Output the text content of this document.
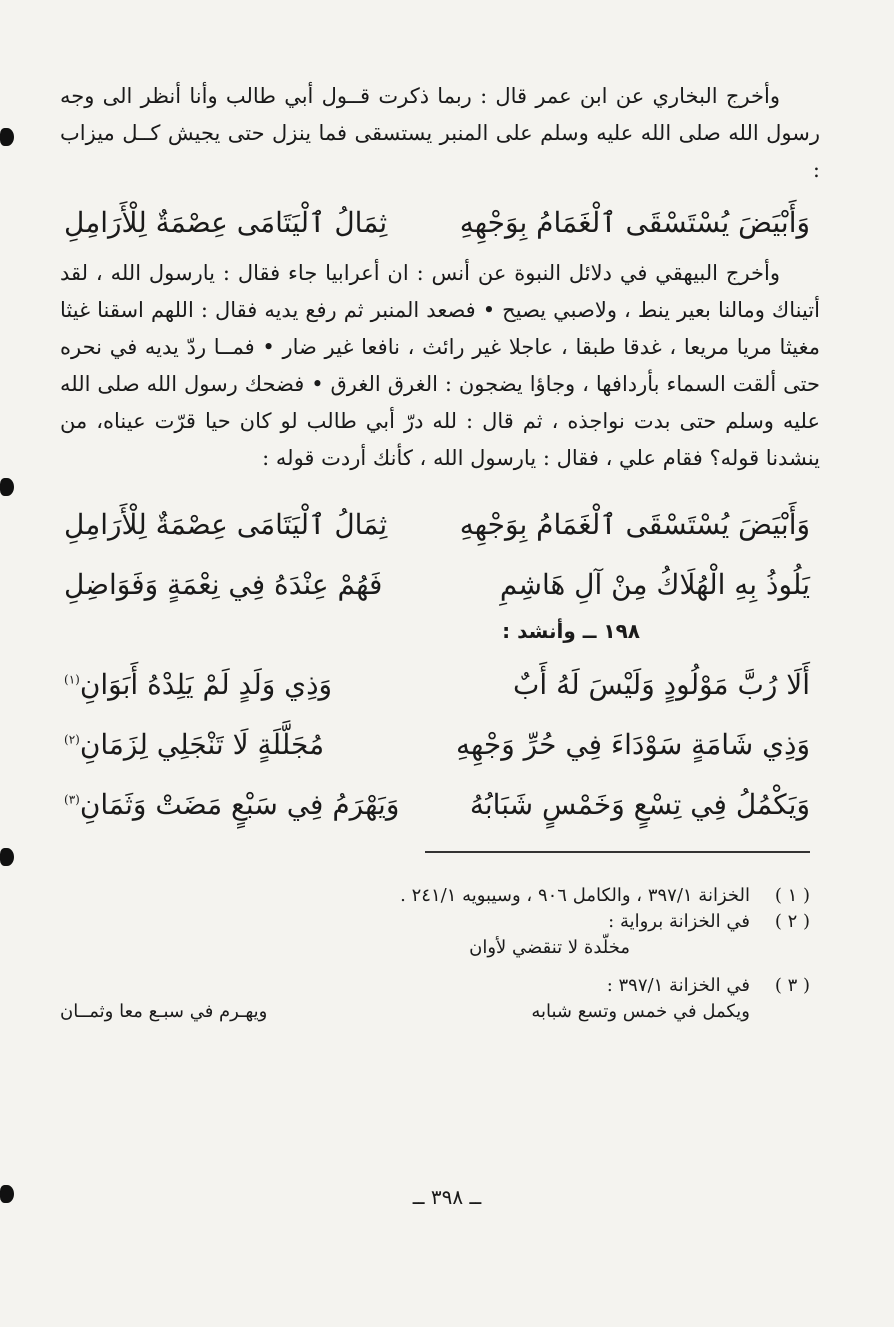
وأخرج البخاري عن ابن عمر قال : ربما ذكرت قــول أبي طالب وأنا أنظر الى وجه رسول الله صلى الله عليه وسلم على المنبر يستسقى فما ينزل حتى يجيش كــل ميزاب :

وَأَبْيَضَ يُسْتَسْقَى ٱلْغَمَامُ بِوَجْهِهِ
ثِمَالُ ٱلْيَتَامَى عِصْمَةٌ لِلْأَرَامِلِ

وأخرج البيهقي في دلائل النبوة عن أنس : ان أعرابيا جاء فقال : يارسول الله ، لقد أتيناك ومالنا بعير ينط ، ولاصبي يصيح • فصعد المنبر ثم رفع يديه فقال : اللهم اسقنا غيثا مغيثا مريا مريعا ، غدقا طبقا ، عاجلا غير رائث ، نافعا غير ضار • فمــا ردّ يديه في نحره حتى ألقت السماء بأردافها ، وجاؤا يضجون : الغرق الغرق • فضحك رسول الله صلى الله عليه وسلم حتى بدت نواجذه ، ثم قال : لله درّ أبي طالب لو كان حيا قرّت عيناه، من ينشدنا قوله؟ فقام علي ، فقال : يارسول الله ، كأنك أردت قوله :

وَأَبْيَضَ يُسْتَسْقَى ٱلْغَمَامُ بِوَجْهِهِ
ثِمَالُ ٱلْيَتَامَى عِصْمَةٌ لِلْأَرَامِلِ
يَلُوذُ بِهِ الْهُلَاكُ مِنْ آلِ هَاشِمِ
فَهُمْ عِنْدَهُ فِي نِعْمَةٍ وَفَوَاضِلِ
١٩٨ ــ وأنشد :
أَلَا رُبَّ مَوْلُودٍ وَلَيْسَ لَهُ أَبٌ
وَذِي وَلَدٍ لَمْ يَلِدْهُ أَبَوَانِ$^{(١)}$
وَذِي شَامَةٍ سَوْدَاءَ فِي حُرِّ وَجْهِهِ
مُجَلَّلَةٍ لَا تَنْجَلِي لِزَمَانِ$^{(٢)}$
وَيَكْمُلُ فِي تِسْعٍ وَخَمْسٍ شَبَابُهُ
وَيَهْرَمُ فِي سَبْعٍ مَضَتْ وَثَمَانِ$^{(٣)}$
( ١ )
الخزانة ٣٩٧/١ ، والكامل ٩٠٦ ، وسيبويه ٢٤١/١ .
( ٢ )
في الخزانة برواية :
مخلّدة لا تنقضي لأوان
( ٣ )
في الخزانة ٣٩٧/١ :
ويكمل في خمس وتسع شبابه
ويهـرم في سبـع معا وثمــان
ــ ٣٩٨ ــ
